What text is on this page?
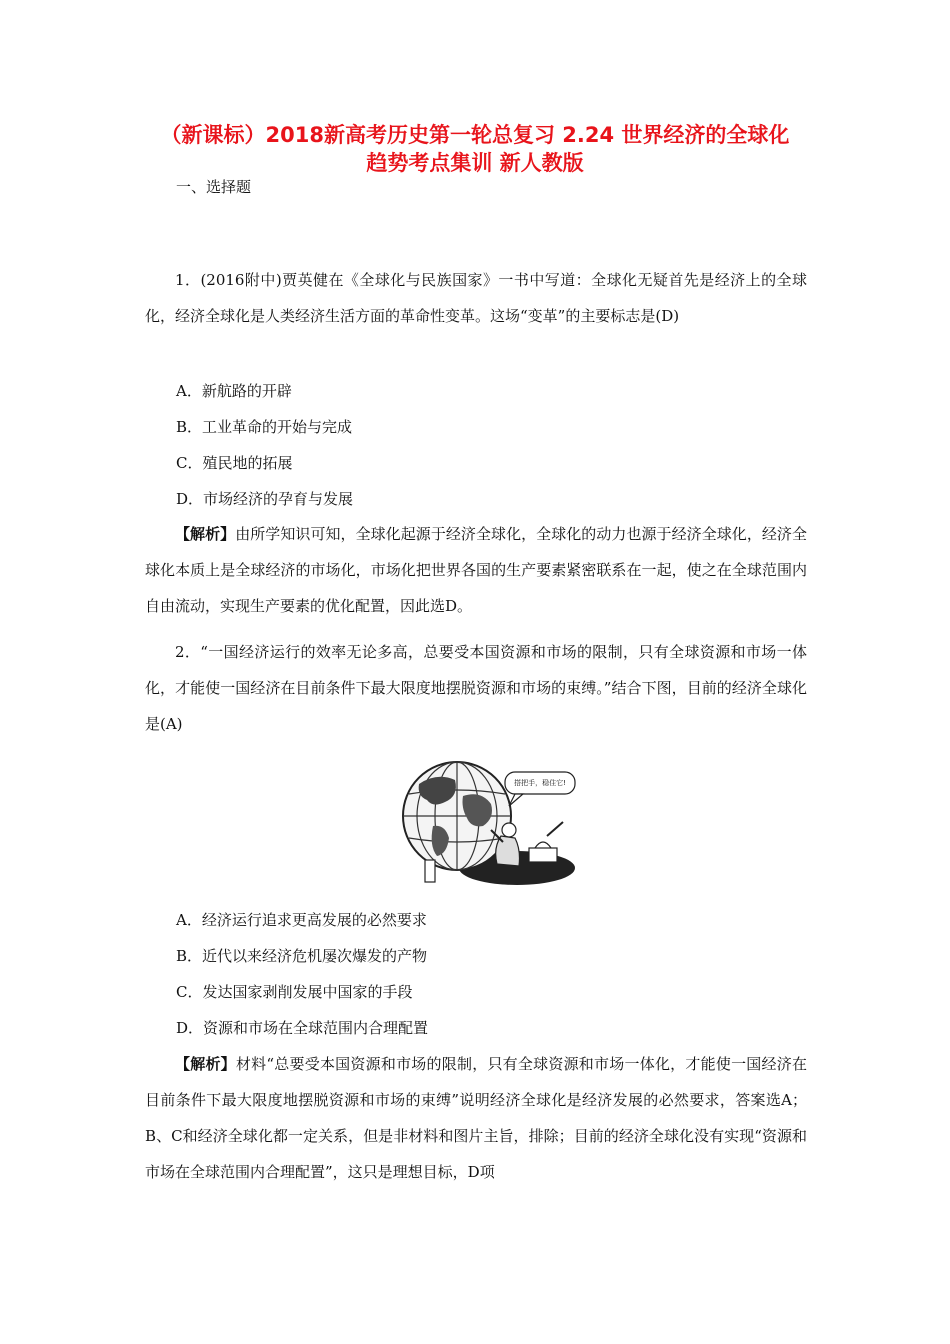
（新课标）2018新高考历史第一轮总复习 2.24 世界经济的全球化
趋势考点集训 新人教版
一、选择题
1．(2016附中)贾英健在《全球化与民族国家》一书中写道：全球化无疑首先是经济上的全球化，经济全球化是人类经济生活方面的革命性变革。这场“变革”的主要标志是(D)
A．新航路的开辟
B．工业革命的开始与完成
C．殖民地的拓展
D．市场经济的孕育与发展
【解析】由所学知识可知，全球化起源于经济全球化，全球化的动力也源于经济全球化，经济全球化本质上是全球经济的市场化，市场化把世界各国的生产要素紧密联系在一起，使之在全球范围内自由流动，实现生产要素的优化配置，因此选D。
2．“一国经济运行的效率无论多高，总要受本国资源和市场的限制，只有全球资源和市场一体化，才能使一国经济在目前条件下最大限度地摆脱资源和市场的束缚。”结合下图，目前的经济全球化是(A)
搭把手，稳住它!
A．经济运行追求更高发展的必然要求
B．近代以来经济危机屡次爆发的产物
C．发达国家剥削发展中国家的手段
D．资源和市场在全球范围内合理配置
【解析】材料“总要受本国资源和市场的限制，只有全球资源和市场一体化，才能使一国经济在目前条件下最大限度地摆脱资源和市场的束缚”说明经济全球化是经济发展的必然要求，答案选A；B、C和经济全球化都一定关系，但是非材料和图片主旨，排除；目前的经济全球化没有实现“资源和市场在全球范围内合理配置”，这只是理想目标，D项
